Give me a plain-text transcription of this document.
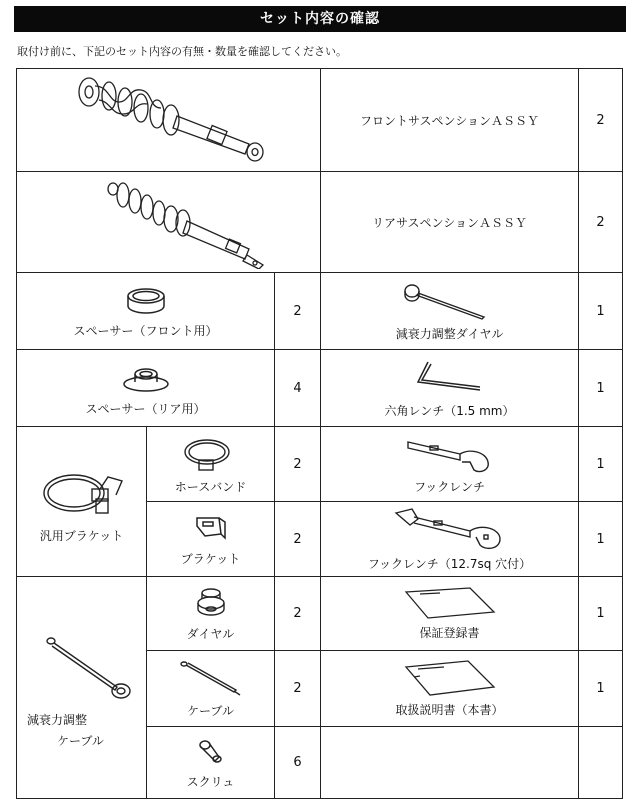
セット内容の確認
取付け前に、下記のセット内容の有無・数量を確認してください。
	フロントサスペンションＡＳＳＹ	2

	リアサスペンションＡＳＳＹ	2

スペーサー（フロント用）		2	減衰力調整ダイヤル	1

スペーサー（リア用）		4	六角レンチ（1.5 mm）	1

汎用ブラケット	ホースバンド	2	フックレンチ	1

	ブラケット	2	フックレンチ（12.7sq 穴付）	1

減衰力調整
ケーブル	ダイヤル	2	保証登録書	1

	ケーブル	2	取扱説明書（本書）	1

	スクリュ	6		
